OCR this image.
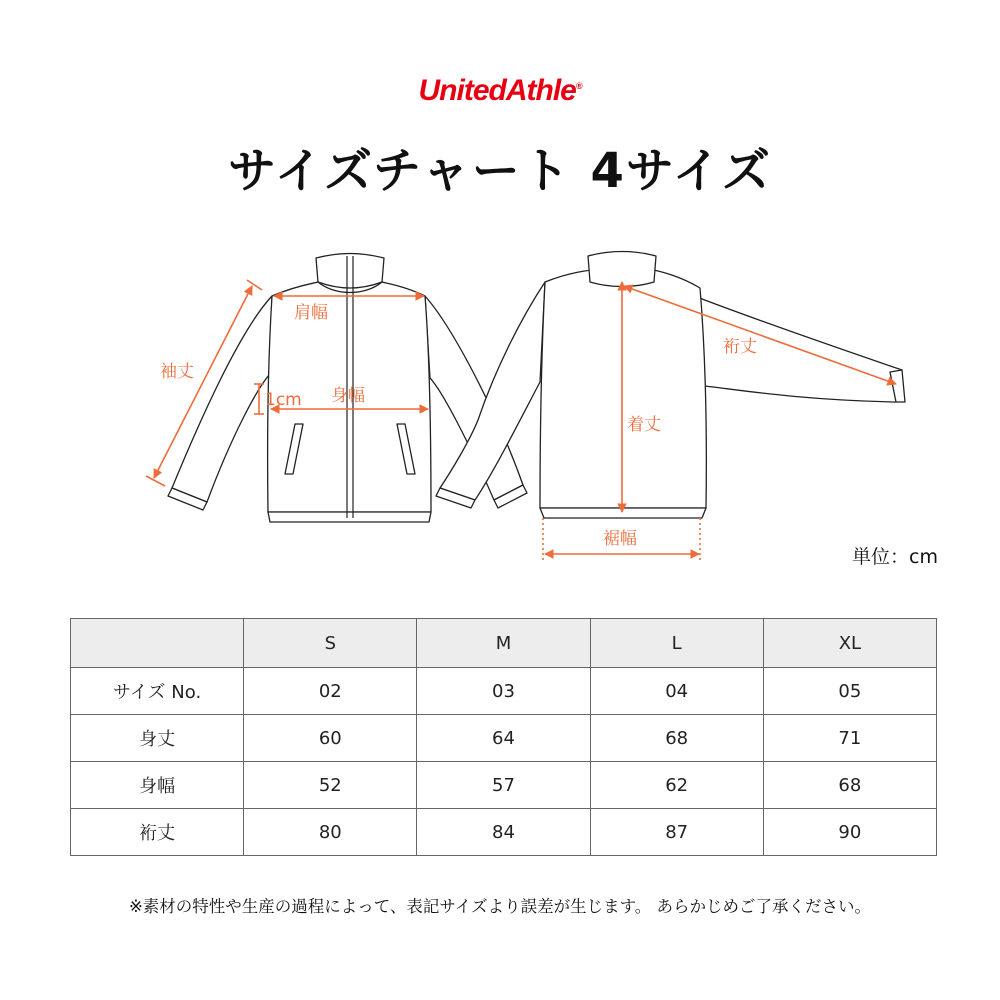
UnitedAthle®
サイズチャート 4サイズ
肩幅
身幅
1cm
袖丈
裄丈
着丈
裾幅
単位：cm
	S	M	L	XL
サイズ No.	02	03	04	05
身丈	60	64	68	71
身幅	52	57	62	68
裄丈	80	84	87	90
※素材の特性や生産の過程によって、表記サイズより誤差が生じます。 あらかじめご了承ください。
